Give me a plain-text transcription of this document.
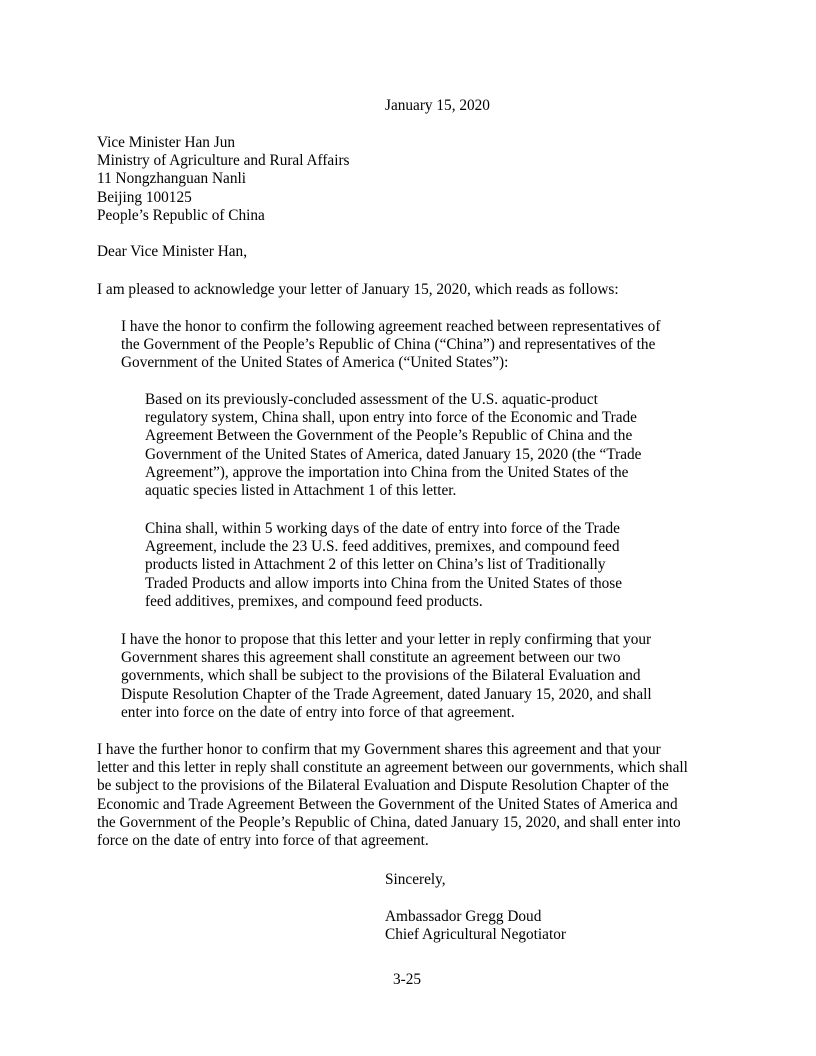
January 15, 2020
Vice Minister Han Jun
Ministry of Agriculture and Rural Affairs
11 Nongzhanguan Nanli
Beijing 100125
People’s Republic of China
Dear Vice Minister Han,
I am pleased to acknowledge your letter of January 15, 2020, which reads as follows:
I have the honor to confirm the following agreement reached between representatives of
the Government of the People’s Republic of China (“China”) and representatives of the
Government of the United States of America (“United States”):
Based on its previously-concluded assessment of the U.S. aquatic-product
regulatory system, China shall, upon entry into force of the Economic and Trade
Agreement Between the Government of the People’s Republic of China and the
Government of the United States of America, dated January 15, 2020 (the “Trade
Agreement”), approve the importation into China from the United States of the
aquatic species listed in Attachment 1 of this letter.
China shall, within 5 working days of the date of entry into force of the Trade
Agreement, include the 23 U.S. feed additives, premixes, and compound feed
products listed in Attachment 2 of this letter on China’s list of Traditionally
Traded Products and allow imports into China from the United States of those
feed additives, premixes, and compound feed products.
I have the honor to propose that this letter and your letter in reply confirming that your
Government shares this agreement shall constitute an agreement between our two
governments, which shall be subject to the provisions of the Bilateral Evaluation and
Dispute Resolution Chapter of the Trade Agreement, dated January 15, 2020, and shall
enter into force on the date of entry into force of that agreement.
I have the further honor to confirm that my Government shares this agreement and that your
letter and this letter in reply shall constitute an agreement between our governments, which shall
be subject to the provisions of the Bilateral Evaluation and Dispute Resolution Chapter of the
Economic and Trade Agreement Between the Government of the United States of America and
the Government of the People’s Republic of China, dated January 15, 2020, and shall enter into
force on the date of entry into force of that agreement.
Sincerely,
Ambassador Gregg Doud
Chief Agricultural Negotiator
3-25
